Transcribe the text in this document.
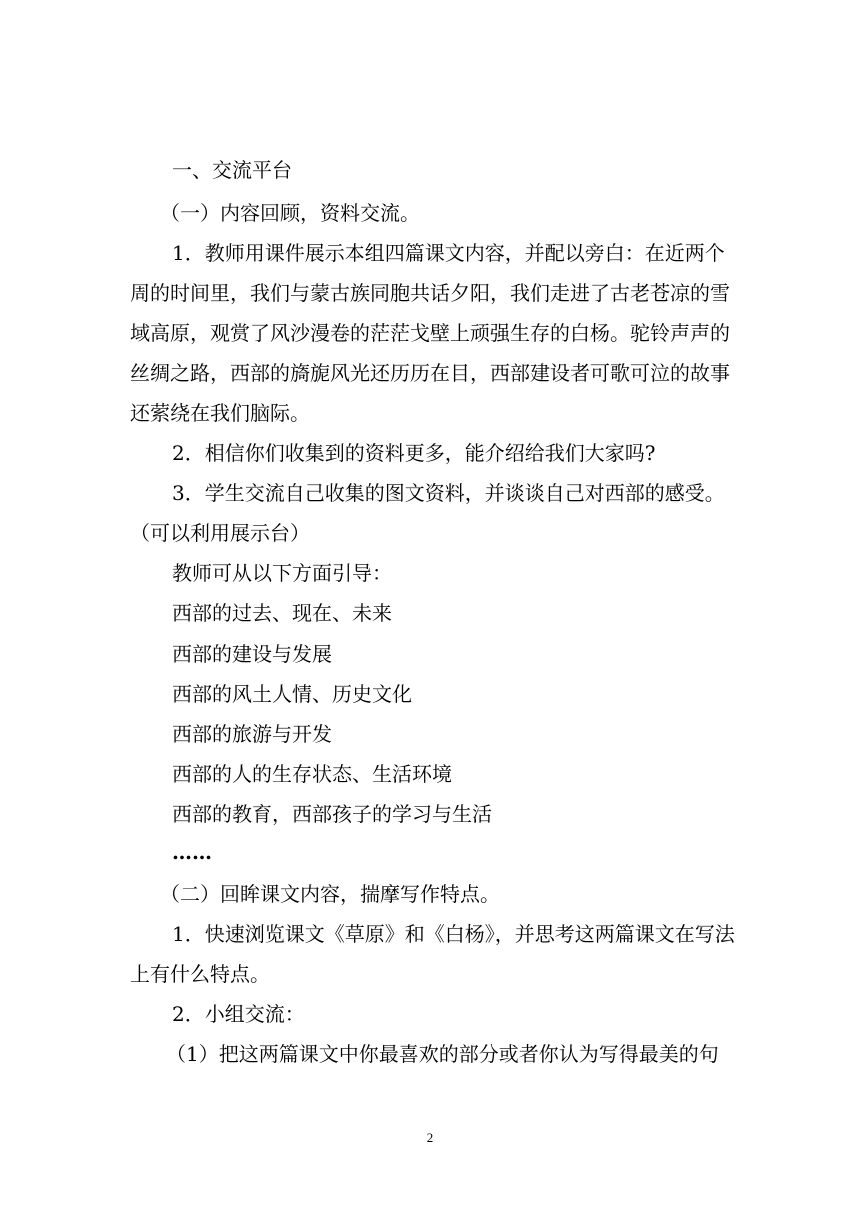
一、交流平台
（一）内容回顾，资料交流。
1．教师用课件展示本组四篇课文内容，并配以旁白：在近两个
周的时间里，我们与蒙古族同胞共话夕阳，我们走进了古老苍凉的雪
域高原，观赏了风沙漫卷的茫茫戈壁上顽强生存的白杨。驼铃声声的
丝绸之路，西部的旖旎风光还历历在目，西部建设者可歌可泣的故事
还萦绕在我们脑际。
2．相信你们收集到的资料更多，能介绍给我们大家吗?
3．学生交流自己收集的图文资料，并谈谈自己对西部的感受。
（可以利用展示台）
教师可从以下方面引导：
西部的过去、现在、未来
西部的建设与发展
西部的风土人情、历史文化
西部的旅游与开发
西部的人的生存状态、生活环境
西部的教育，西部孩子的学习与生活
……
（二）回眸课文内容，揣摩写作特点。
1．快速浏览课文《草原》和《白杨》，并思考这两篇课文在写法
上有什么特点。
2．小组交流：
（1）把这两篇课文中你最喜欢的部分或者你认为写得最美的句
2
